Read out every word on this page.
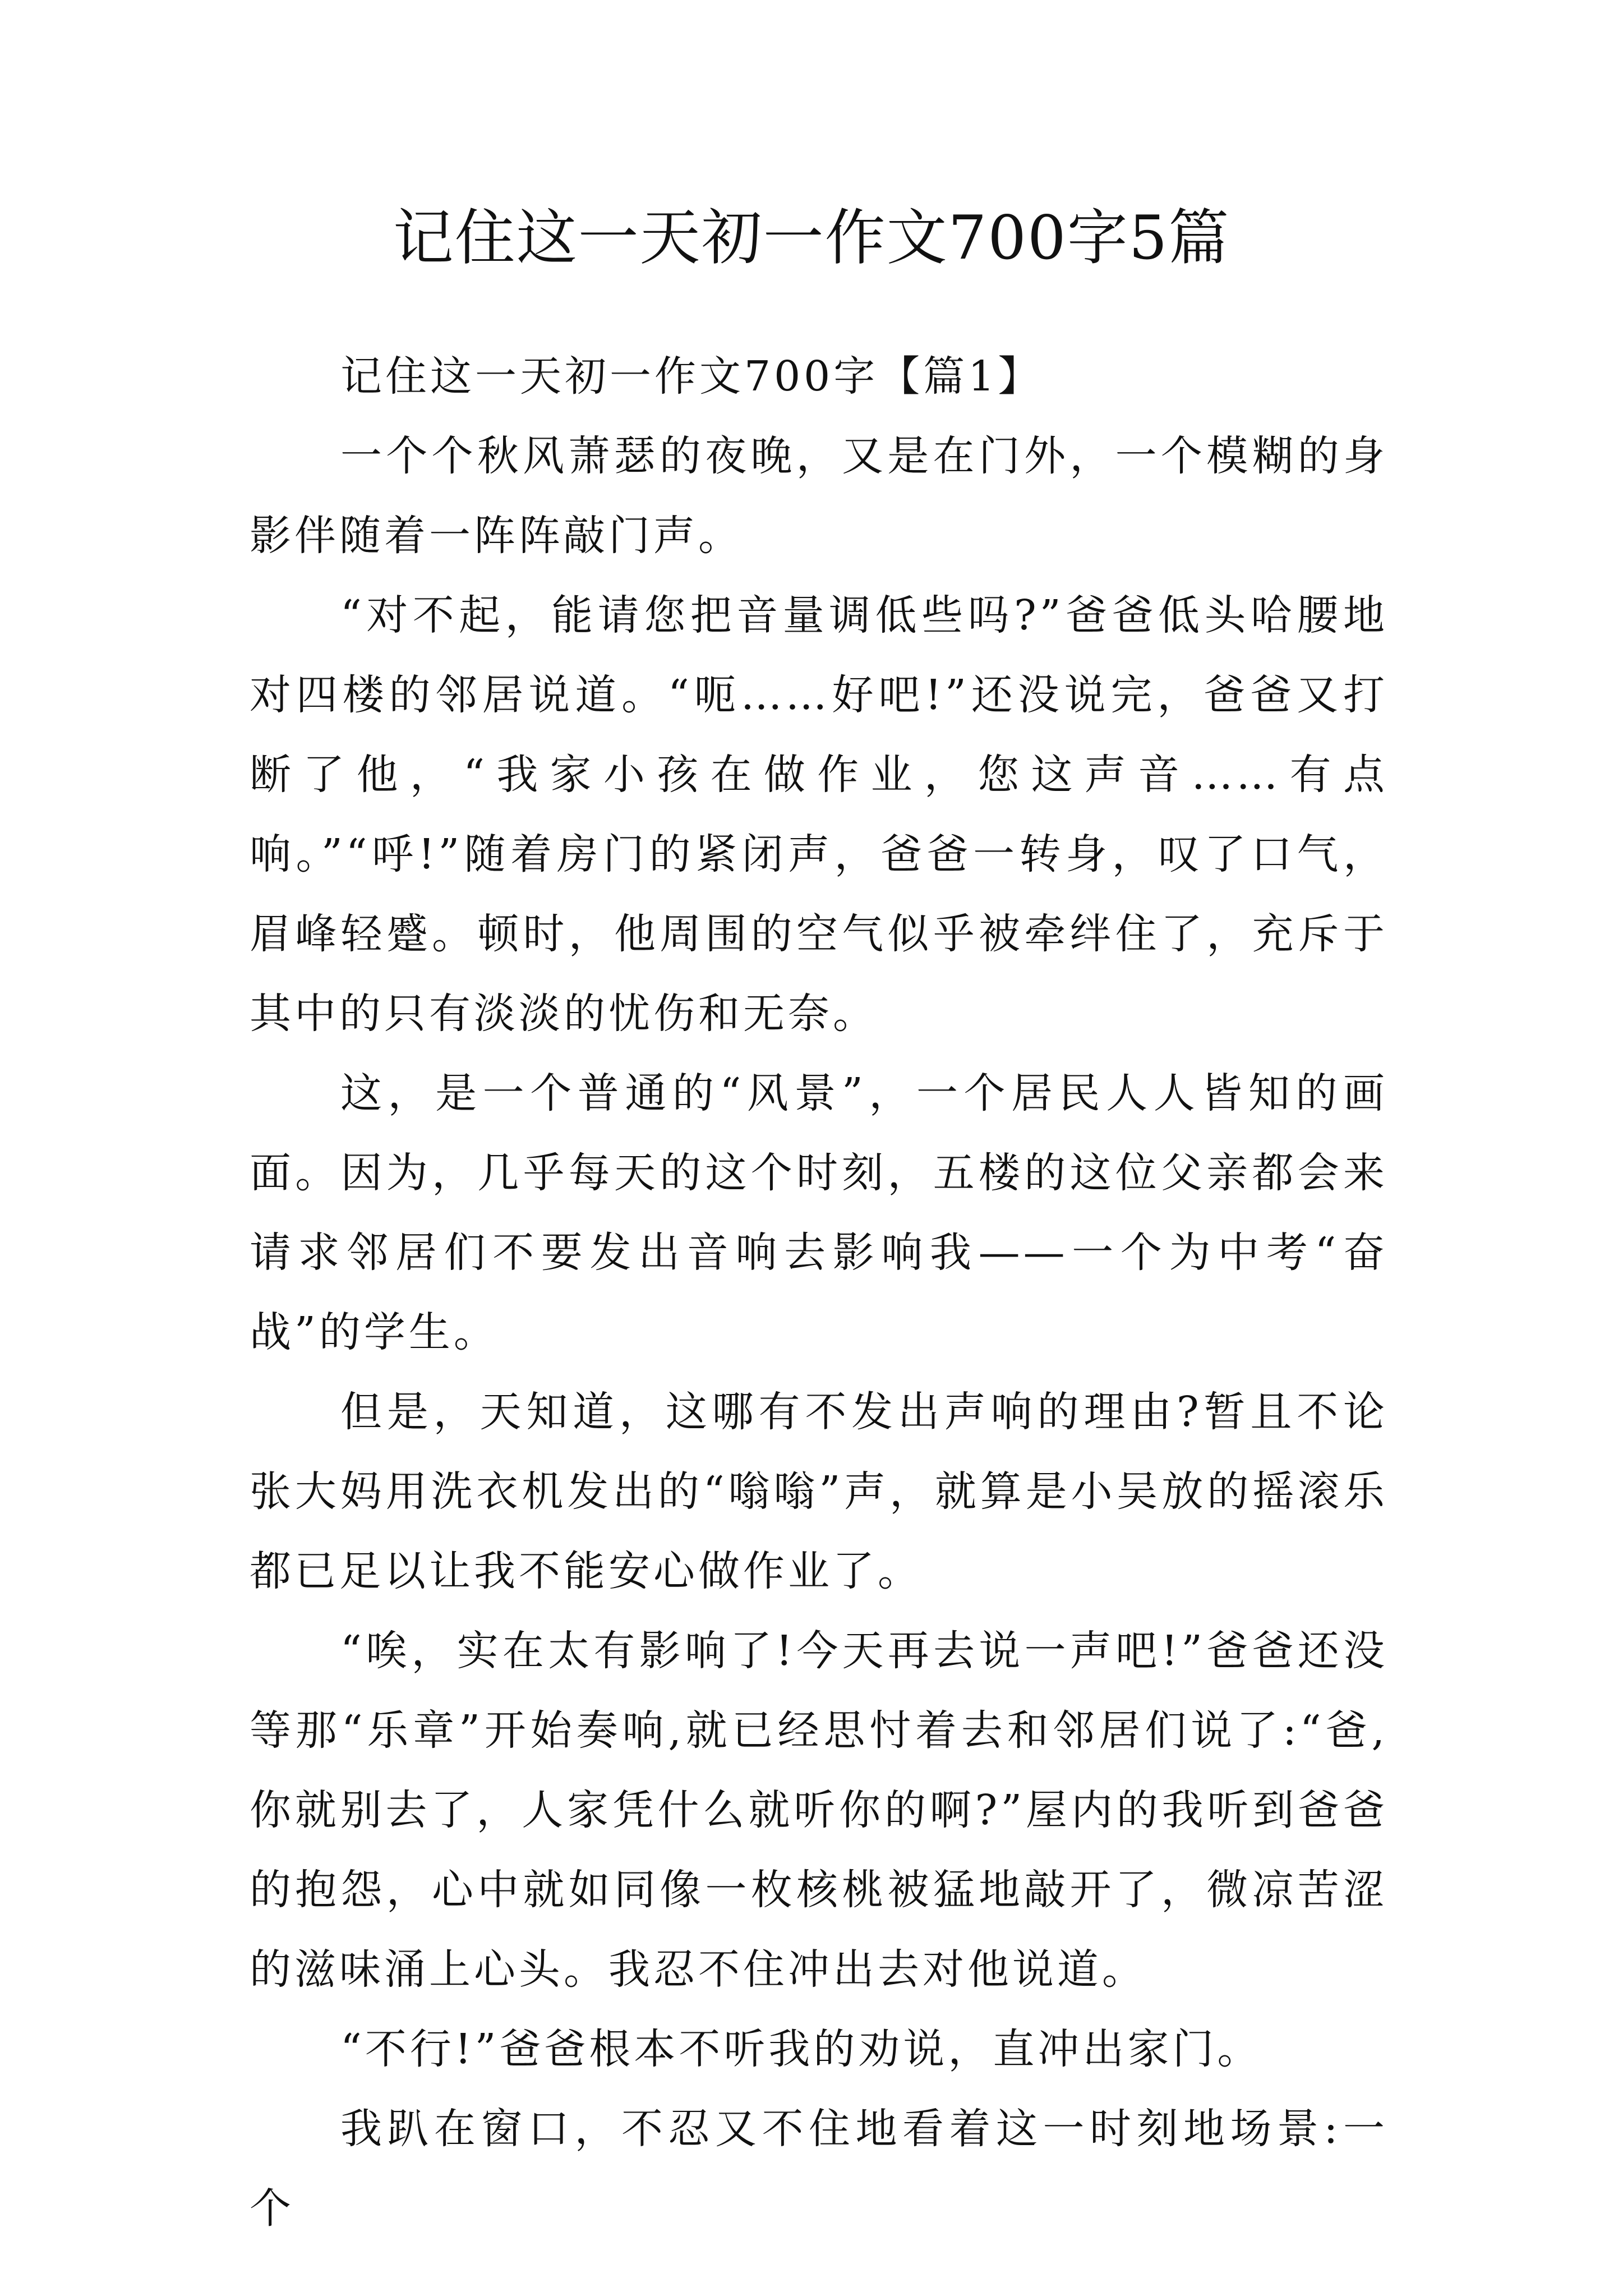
记住这一天初一作文700字5篇

记住这一天初一作文700字【篇1】

一个个秋风萧瑟的夜晚，又是在门外，一个模糊的身影伴随着一阵阵敲门声。

“对不起，能请您把音量调低些吗?”爸爸低头哈腰地对四楼的邻居说道。“呃……好吧!”还没说完，爸爸又打断了他，“我家小孩在做作业，您这声音……有点响。”“呼!”随着房门的紧闭声，爸爸一转身，叹了口气，眉峰轻蹙。顿时，他周围的空气似乎被牵绊住了，充斥于其中的只有淡淡的忧伤和无奈。

这，是一个普通的“风景”，一个居民人人皆知的画面。因为，几乎每天的这个时刻，五楼的这位父亲都会来请求邻居们不要发出音响去影响我——一个为中考“奋战”的学生。

但是，天知道，这哪有不发出声响的理由?暂且不论张大妈用洗衣机发出的“嗡嗡”声，就算是小吴放的摇滚乐都已足以让我不能安心做作业了。

“唉，实在太有影响了!今天再去说一声吧!”爸爸还没等那“乐章”开始奏响,就已经思忖着去和邻居们说了:“爸,你就别去了，人家凭什么就听你的啊?”屋内的我听到爸爸的抱怨，心中就如同像一枚核桃被猛地敲开了，微凉苦涩的滋味涌上心头。我忍不住冲出去对他说道。

“不行!”爸爸根本不听我的劝说，直冲出家门。

我趴在窗口，不忍又不住地看着这一时刻地场景:一个
